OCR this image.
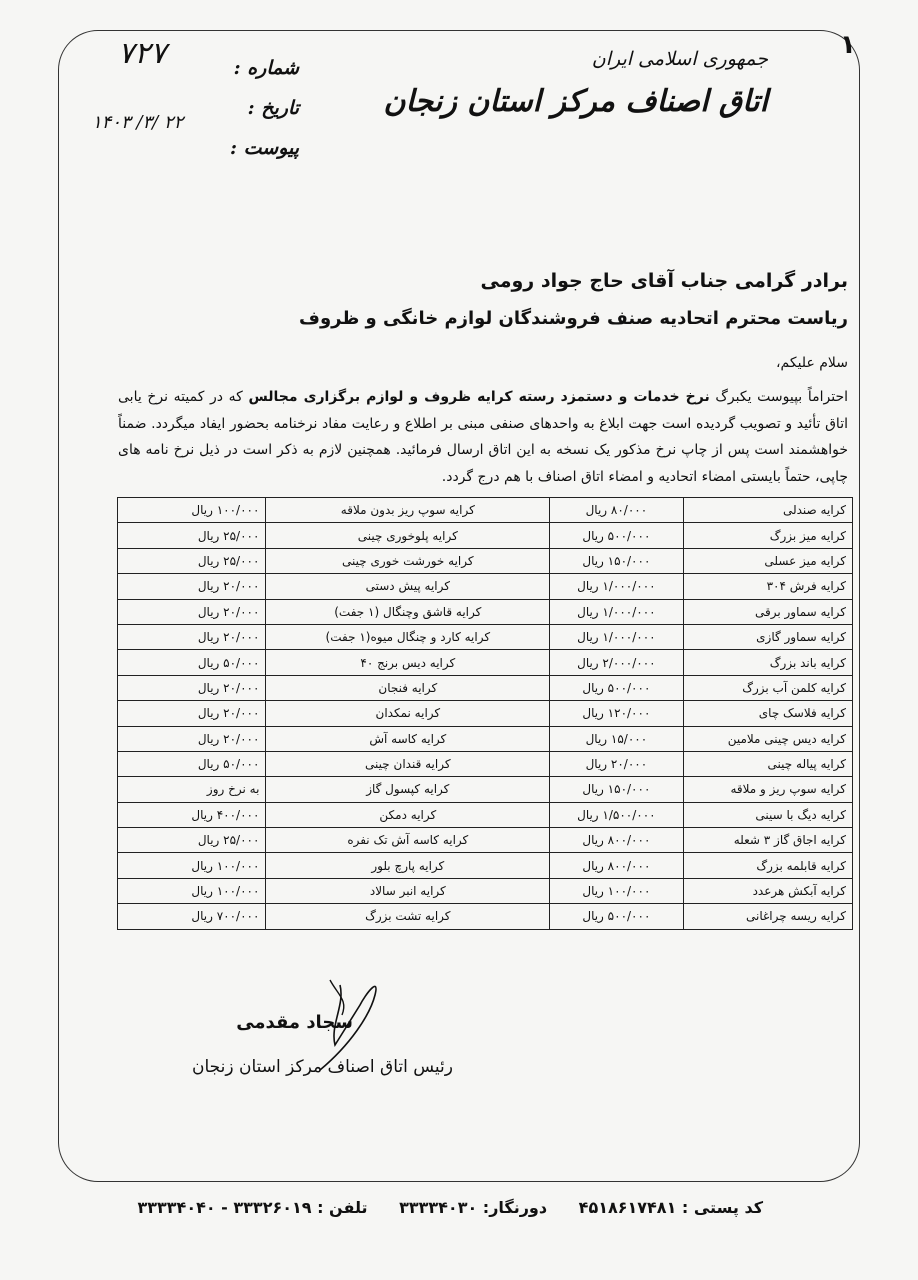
۱
جمهوری اسلامی ایران
اتاق اصناف مرکز استان زنجان
شماره :
تاریخ :
پیوست :
۷۲۷
۱۴۰۳ /۳/ ۲۲
برادر گرامی جناب آقای حاج جواد رومی
ریاست محترم اتحادیه صنف فروشندگان لوازم خانگی و ظروف
سلام علیکم،
احتراماً بپیوست یکبرگ نرخ خدمات و دستمزد رسته کرایه ظروف و لوازم برگزاری مجالس که در کمیته نرخ یابی اتاق تأئید و تصویب گردیده است جهت ابلاغ به واحدهای صنفی مبنی بر اطلاع و رعایت مفاد نرخنامه بحضور ایفاد میگردد. ضمناً خواهشمند است پس از چاپ نرخ مذکور یک نسخه به این اتاق ارسال فرمائید. همچنین لازم به ذکر است در ذیل نرخ نامه های چاپی، حتماً بایستی امضاء اتحادیه و امضاء اتاق اصناف با هم درج گردد.
کرایه صندلی	۸۰/۰۰۰ ریال	کرایه سوپ ریز بدون ملاقه	۱۰۰/۰۰۰ ریال
کرایه میز بزرگ	۵۰۰/۰۰۰ ریال	کرایه پلوخوری چینی	۲۵/۰۰۰ ریال
کرایه میز عسلی	۱۵۰/۰۰۰ ریال	کرایه خورشت خوری چینی	۲۵/۰۰۰ ریال
کرایه فرش ۳۰۴	۱/۰۰۰/۰۰۰ ریال	کرایه پیش دستی	۲۰/۰۰۰ ریال
کرایه سماور برقی	۱/۰۰۰/۰۰۰ ریال	کرایه قاشق وچنگال (۱ جفت)	۲۰/۰۰۰ ریال
کرایه سماور گازی	۱/۰۰۰/۰۰۰ ریال	کرایه کارد و چنگال میوه(۱ جفت)	۲۰/۰۰۰ ریال
کرایه باند بزرگ	۲/۰۰۰/۰۰۰ ریال	کرایه دیس برنج ۴۰	۵۰/۰۰۰ ریال
کرایه کلمن آب بزرگ	۵۰۰/۰۰۰ ریال	کرایه فنجان	۲۰/۰۰۰ ریال
کرایه فلاسک چای	۱۲۰/۰۰۰ ریال	کرایه نمکدان	۲۰/۰۰۰ ریال
کرایه دیس چینی ملامین	۱۵/۰۰۰ ریال	کرایه کاسه آش	۲۰/۰۰۰ ریال
کرایه پیاله چینی	۲۰/۰۰۰ ریال	کرایه قندان چینی	۵۰/۰۰۰ ریال
کرایه سوپ ریز و ملاقه	۱۵۰/۰۰۰ ریال	کرایه کپسول گاز	به نرخ روز
کرایه دیگ با سینی	۱/۵۰۰/۰۰۰ ریال	کرایه دمکن	۴۰۰/۰۰۰ ریال
کرایه اجاق گاز ۳ شعله	۸۰۰/۰۰۰ ریال	کرایه کاسه آش تک نفره	۲۵/۰۰۰ ریال
کرایه قابلمه بزرگ	۸۰۰/۰۰۰ ریال	کرایه پارچ بلور	۱۰۰/۰۰۰ ریال
کرایه آبکش هرعدد	۱۰۰/۰۰۰ ریال	کرایه انبر سالاد	۱۰۰/۰۰۰ ریال
کرایه ریسه چراغانی	۵۰۰/۰۰۰ ریال	کرایه تشت بزرگ	۷۰۰/۰۰۰ ریال
سجاد مقدمی
رئیس اتاق اصناف مرکز استان زنجان
کد پستی : ۴۵۱۸۶۱۷۴۸۱ دورنگار: ۳۳۳۳۴۰۳۰ تلفن : ۳۳۳۲۶۰۱۹ - ۳۳۳۳۴۰۴۰
